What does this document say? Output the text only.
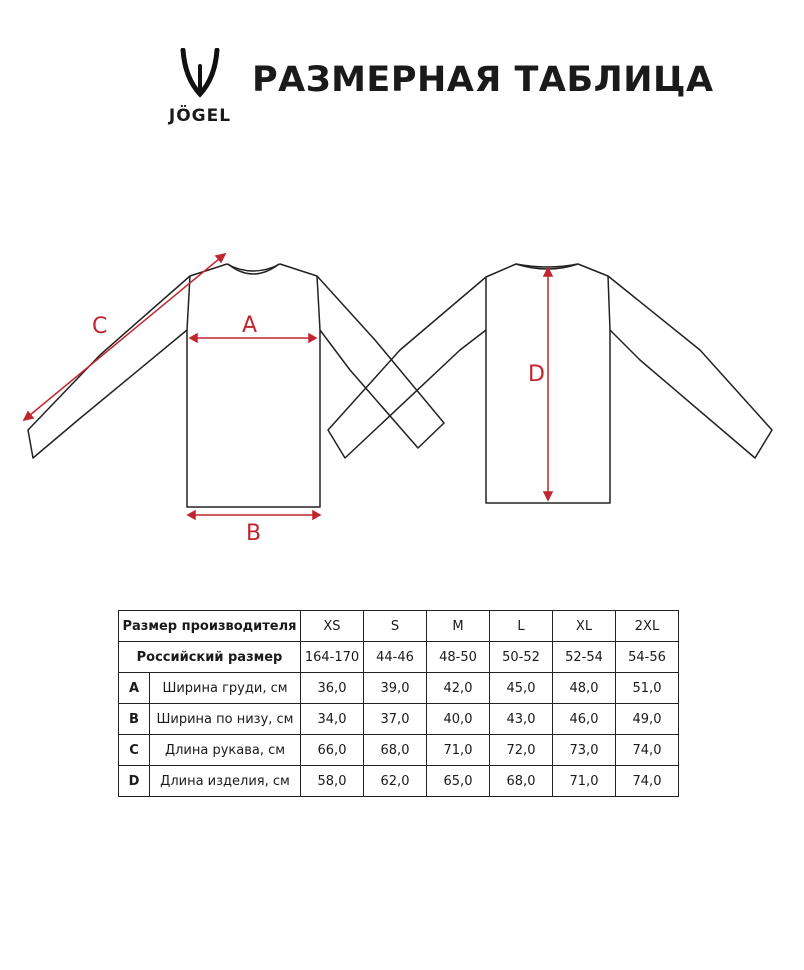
JÖGEL
РАЗМЕРНАЯ ТАБЛИЦА
A
B
C
D
Размер производителя		XS	S	M	L	XL	2XL
Российский размер		164-170	44-46	48-50	50-52	52-54	54-56
A	Ширина груди, см	36,0	39,0	42,0	45,0	48,0	51,0
B	Ширина по низу, см	34,0	37,0	40,0	43,0	46,0	49,0
C	Длина рукава, см	66,0	68,0	71,0	72,0	73,0	74,0
D	Длина изделия, см	58,0	62,0	65,0	68,0	71,0	74,0
